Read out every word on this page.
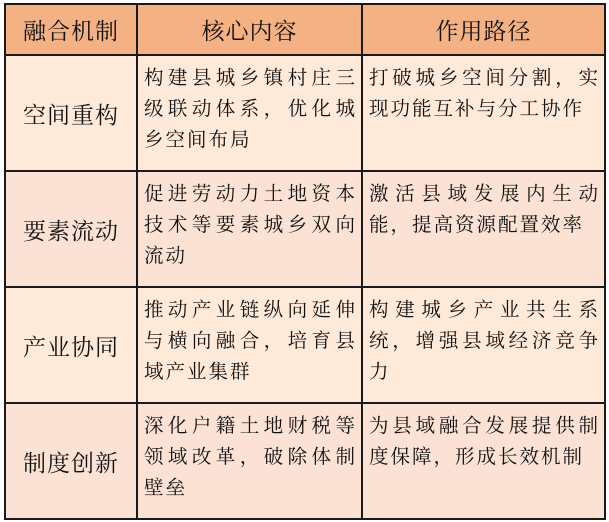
融合机制	核心内容	作用路径
空间重构	构建县城乡镇村庄三级联动体系，优化城乡空间布局	打破城乡空间分割，实现功能互补与分工协作
要素流动	促进劳动力土地资本技术等要素城乡双向流动	激活县域发展内生动能，提高资源配置效率
产业协同	推动产业链纵向延伸与横向融合，培育县域产业集群	构建城乡产业共生系统，增强县域经济竞争力
制度创新	深化户籍土地财税等领域改革，破除体制壁垒	为县域融合发展提供制度保障，形成长效机制
